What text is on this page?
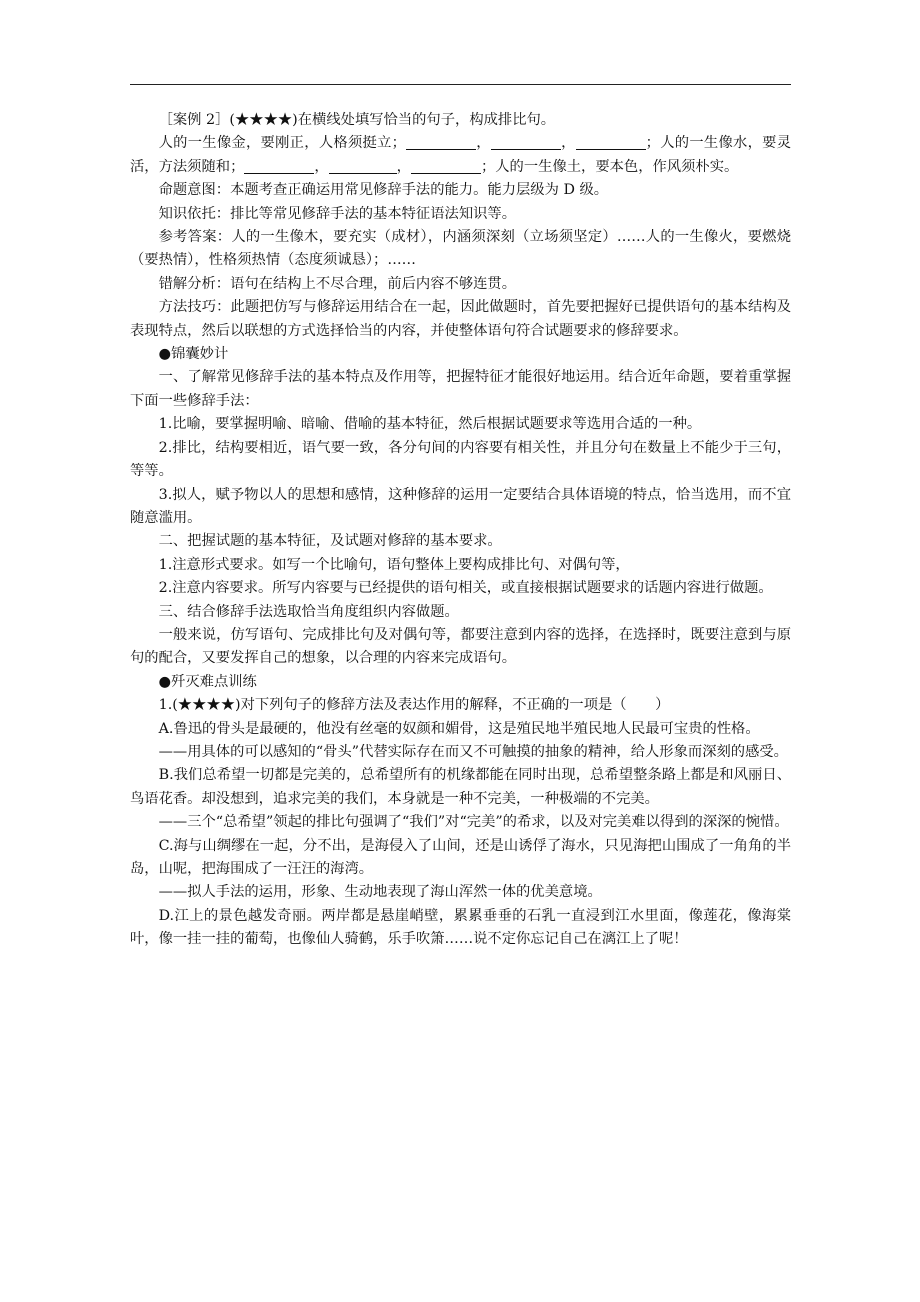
［案例 2］(★★★★)在横线处填写恰当的句子，构成排比句。

人的一生像金，要刚正，人格须挺立；	，	，	；人的一生像水，要灵活，方法须随和；	，	，	；人的一生像土，要本色，作风须朴实。

命题意图：本题考查正确运用常见修辞手法的能力。能力层级为 D 级。

知识依托：排比等常见修辞手法的基本特征语法知识等。

参考答案：人的一生像木，要充实（成材），内涵须深刻（立场须坚定）……人的一生像火，要燃烧（要热情），性格须热情（态度须诚恳）；……

错解分析：语句在结构上不尽合理，前后内容不够连贯。

方法技巧：此题把仿写与修辞运用结合在一起，因此做题时，首先要把握好已提供语句的基本结构及表现特点，然后以联想的方式选择恰当的内容，并使整体语句符合试题要求的修辞要求。

●锦囊妙计

一、了解常见修辞手法的基本特点及作用等，把握特征才能很好地运用。结合近年命题，要着重掌握下面一些修辞手法：

1.比喻，要掌握明喻、暗喻、借喻的基本特征，然后根据试题要求等选用合适的一种。

2.排比，结构要相近，语气要一致，各分句间的内容要有相关性，并且分句在数量上不能少于三句，等等。

3.拟人，赋予物以人的思想和感情，这种修辞的运用一定要结合具体语境的特点，恰当选用，而不宜随意滥用。

二、把握试题的基本特征，及试题对修辞的基本要求。

1.注意形式要求。如写一个比喻句，语句整体上要构成排比句、对偶句等，

2.注意内容要求。所写内容要与已经提供的语句相关，或直接根据试题要求的话题内容进行做题。

三、结合修辞手法选取恰当角度组织内容做题。

一般来说，仿写语句、完成排比句及对偶句等，都要注意到内容的选择，在选择时，既要注意到与原句的配合，又要发挥自己的想象，以合理的内容来完成语句。

●歼灭难点训练

1.(★★★★)对下列句子的修辞方法及表达作用的解释，不正确的一项是（　　）

A.鲁迅的骨头是最硬的，他没有丝毫的奴颜和媚骨，这是殖民地半殖民地人民最可宝贵的性格。

——用具体的可以感知的“骨头”代替实际存在而又不可触摸的抽象的精神，给人形象而深刻的感受。

B.我们总希望一切都是完美的，总希望所有的机缘都能在同时出现，总希望整条路上都是和风丽日、鸟语花香。却没想到，追求完美的我们，本身就是一种不完美，一种极端的不完美。

——三个“总希望”领起的排比句强调了“我们”对“完美”的希求，以及对完美难以得到的深深的惋惜。

C.海与山绸缪在一起，分不出，是海侵入了山间，还是山诱俘了海水，只见海把山围成了一角角的半岛，山呢，把海围成了一汪汪的海湾。

——拟人手法的运用，形象、生动地表现了海山浑然一体的优美意境。

D.江上的景色越发奇丽。两岸都是悬崖峭壁，累累垂垂的石乳一直浸到江水里面，像莲花，像海棠叶，像一挂一挂的葡萄，也像仙人骑鹤，乐手吹箫……说不定你忘记自己在漓江上了呢！
